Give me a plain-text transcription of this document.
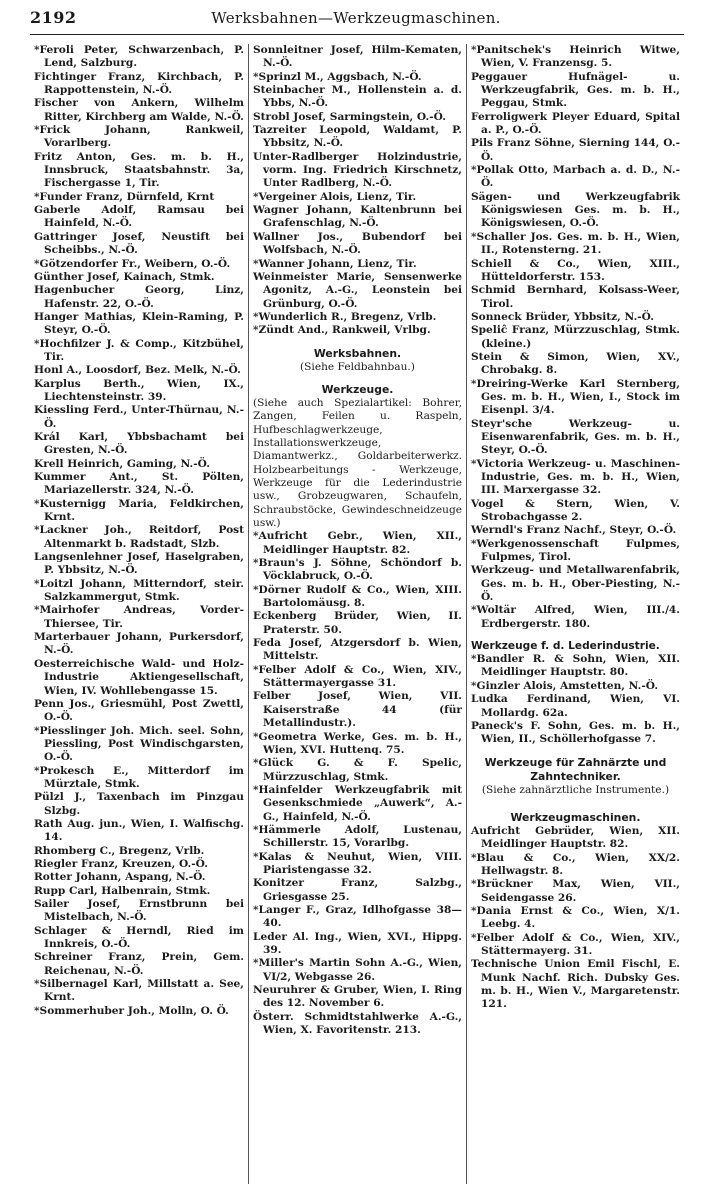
2192	Werksbahnen—Werkzeugmaschinen.
*Feroli Peter, Schwarzenbach, P. Lend, Salzburg.
Fichtinger Franz, Kirchbach, P. Rappottenstein, N.-Ö.
Fischer von Ankern, Wilhelm Ritter, Kirchberg am Walde, N.-Ö.
*Frick Johann, Rankweil, Vorarlberg.
Fritz Anton, Ges. m. b. H., Innsbruck, Staatsbahnstr. 3a, Fischergasse 1, Tir.
*Funder Franz, Dürnfeld, Krnt
Gaberle Adolf, Ramsau bei Hainfeld, N.-Ö.
Gattringer Josef, Neustift bei Scheibbs., N.-Ö.
*Götzendorfer Fr., Weibern, O.-Ö.
Günther Josef, Kainach, Stmk.
Hagenbucher Georg, Linz, Hafenstr. 22, O.-Ö.
Hanger Mathias, Klein-Raming, P. Steyr, O.-Ö.
*Hochfilzer J. & Comp., Kitzbühel, Tir.
Honl A., Loosdorf, Bez. Melk, N.-Ö.
Karplus Berth., Wien, IX., Liechtensteinstr. 39.
Kiessling Ferd., Unter-Thürnau, N.-Ö.
Král Karl, Ybbsbachamt bei Gresten, N.-Ö.
Krell Heinrich, Gaming, N.-Ö.
Kummer Ant., St. Pölten, Mariazellerstr. 324, N.-Ö.
*Kusternigg Maria, Feldkirchen, Krnt.
*Lackner Joh., Reitdorf, Post Altenmarkt b. Radstadt, Slzb.
Langsenlehner Josef, Haselgraben, P. Ybbsitz, N.-Ö.
*Loitzl Johann, Mitterndorf, steir. Salzkammergut, Stmk.
*Mairhofer Andreas, Vorder-Thiersee, Tir.
Marterbauer Johann, Purkersdorf, N.-Ö.
Oesterreichische Wald- und Holz-Industrie Aktiengesellschaft, Wien, IV. Wohllebengasse 15.
Penn Jos., Griesmühl, Post Zwettl, O.-Ö.
*Piesslinger Joh. Mich. seel. Sohn, Piessling, Post Windischgarsten, O.-Ö.
*Prokesch E., Mitterdorf im Mürztale, Stmk.
Pülzl J., Taxenbach im Pinzgau Slzbg.
Rath Aug. jun., Wien, I. Walfischg. 14.
Rhomberg C., Bregenz, Vrlb.
Riegler Franz, Kreuzen, O.-Ö.
Rotter Johann, Aspang, N.-Ö.
Rupp Carl, Halbenrain, Stmk.
Sailer Josef, Ernstbrunn bei Mistelbach, N.-Ö.
Schlager & Herndl, Ried im Innkreis, O.-Ö.
Schreiner Franz, Prein, Gem. Reichenau, N.-Ö.
*Silbernagel Karl, Millstatt a. See, Krnt.
*Sommerhuber Joh., Molln, O. Ö.
Sonnleitner Josef, Hilm-Kematen, N.-Ö.
*Sprinzl M., Aggsbach, N.-Ö.
Steinbacher M., Hollenstein a. d. Ybbs, N.-Ö.
Strobl Josef, Sarmingstein, O.-Ö.
Tazreiter Leopold, Waldamt, P. Ybbsitz, N.-Ö.
Unter-Radlberger Holzindustrie, vorm. Ing. Friedrich Kirschnetz, Unter Radlberg, N.-Ö.
*Vergeiner Alois, Lienz, Tir.
Wagner Johann, Kaltenbrunn bei Grafenschlag, N.-Ö.
Wallner Jos., Bubendorf bei Wolfsbach, N.-Ö.
*Wanner Johann, Lienz, Tir.
Weinmeister Marie, Sensenwerke Agonitz, A.-G., Leonstein bei Grünburg, O.-Ö.
*Wunderlich R., Bregenz, Vrlb.
*Zündt And., Rankweil, Vrlbg.
Werksbahnen.
(Siehe Feldbahnbau.)
Werkzeuge.
(Siehe auch Spezialartikel: Bohrer, Zangen, Feilen u. Raspeln, Hufbeschlagwerkzeuge, Installationswerkzeuge, Diamantwerkz., Goldarbeiterwerkz. Holzbearbeitungs - Werkzeuge, Werkzeuge für die Lederindustrie usw., Grobzeugwaren, Schaufeln, Schraubstöcke, Gewindeschneidzeuge usw.)
*Aufricht Gebr., Wien, XII., Meidlinger Hauptstr. 82.
*Braun's J. Söhne, Schöndorf b. Vöcklabruck, O.-Ö.
*Dörner Rudolf & Co., Wien, XIII. Bartolomäusg. 8.
Eckenberg Brüder, Wien, II. Praterstr. 50.
Feda Josef, Atzgersdorf b. Wien, Mittelstr.
*Felber Adolf & Co., Wien, XIV., Stättermayergasse 31.
Felber Josef, Wien, VII. Kaiserstraße 44 (für Metallindustr.).
*Geometra Werke, Ges. m. b. H., Wien, XVI. Huttenq. 75.
*Glück G. & F. Spelic, Mürzzuschlag, Stmk.
*Hainfelder Werkzeugfabrik mit Gesenkschmiede „Auwerk“, A.-G., Hainfeld, N.-Ö.
*Hämmerle Adolf, Lustenau, Schillerstr. 15, Vorarlbg.
*Kalas & Neuhut, Wien, VIII. Piaristengasse 32.
Konitzer Franz, Salzbg., Griesgasse 25.
*Langer F., Graz, Idlhofgasse 38—40.
Leder Al. Ing., Wien, XVI., Hippg. 39.
*Miller's Martin Sohn A.-G., Wien, VI/2, Webgasse 26.
Neuruhrer & Gruber, Wien, I. Ring des 12. November 6.
Österr. Schmidtstahlwerke A.-G., Wien, X. Favoritenstr. 213.
*Panitschek's Heinrich Witwe, Wien, V. Franzensg. 5.
Peggauer Hufnägel- u. Werkzeugfabrik, Ges. m. b. H., Peggau, Stmk.
Ferroligwerk Pleyer Eduard, Spital a. P., O.-Ö.
Pils Franz Söhne, Sierning 144, O.-Ö.
*Pollak Otto, Marbach a. d. D., N.-Ö.
Sägen- und Werkzeugfabrik Königswiesen Ges. m. b. H., Königswiesen, O.-Ö.
*Schaller Jos. Ges. m. b. H., Wien, II., Rotensterng. 21.
Schiell & Co., Wien, XIII., Hütteldorferstr. 153.
Schmid Bernhard, Kolsass-Weer, Tirol.
Sonneck Brüder, Ybbsitz, N.-Ö.
Speliĉ Franz, Mürzzuschlag, Stmk. (kleine.)
Stein & Simon, Wien, XV., Chrobakg. 8.
*Dreiring-Werke Karl Sternberg, Ges. m. b. H., Wien, I., Stock im Eisenpl. 3/4.
Steyr'sche Werkzeug- u. Eisenwarenfabrik, Ges. m. b. H., Steyr, O.-Ö.
*Victoria Werkzeug- u. Maschinen-Industrie, Ges. m. b. H., Wien, III. Marxergasse 32.
Vogel & Stern, Wien, V. Strobachgasse 2.
Werndl's Franz Nachf., Steyr, O.-Ö.
*Werkgenossenschaft Fulpmes, Fulpmes, Tirol.
Werkzeug- und Metallwarenfabrik, Ges. m. b. H., Ober-Piesting, N.-Ö.
*Woltär Alfred, Wien, III./4. Erdbergerstr. 180.
Werkzeuge f. d. Lederindustrie.
*Bandler R. & Sohn, Wien, XII. Meidlinger Hauptstr. 80.
*Ginzler Alois, Amstetten, N.-Ö.
Ludka Ferdinand, Wien, VI. Mollardg. 62a.
Paneck's F. Sohn, Ges. m. b. H., Wien, II., Schöllerhofgasse 7.
Werkzeuge für Zahnärzte und Zahntechniker.
(Siehe zahnärztliche Instrumente.)
Werkzeugmaschinen.
Aufricht Gebrüder, Wien, XII. Meidlinger Hauptstr. 82.
*Blau & Co., Wien, XX/2. Hellwagstr. 8.
*Brückner Max, Wien, VII., Seidengasse 26.
*Dania Ernst & Co., Wien, X/1. Leebg. 4.
*Felber Adolf & Co., Wien, XIV., Stättermayerg. 31.
Technische Union Emil Fischl, E. Munk Nachf. Rich. Dubsky Ges. m. b. H., Wien V., Margaretenstr. 121.
